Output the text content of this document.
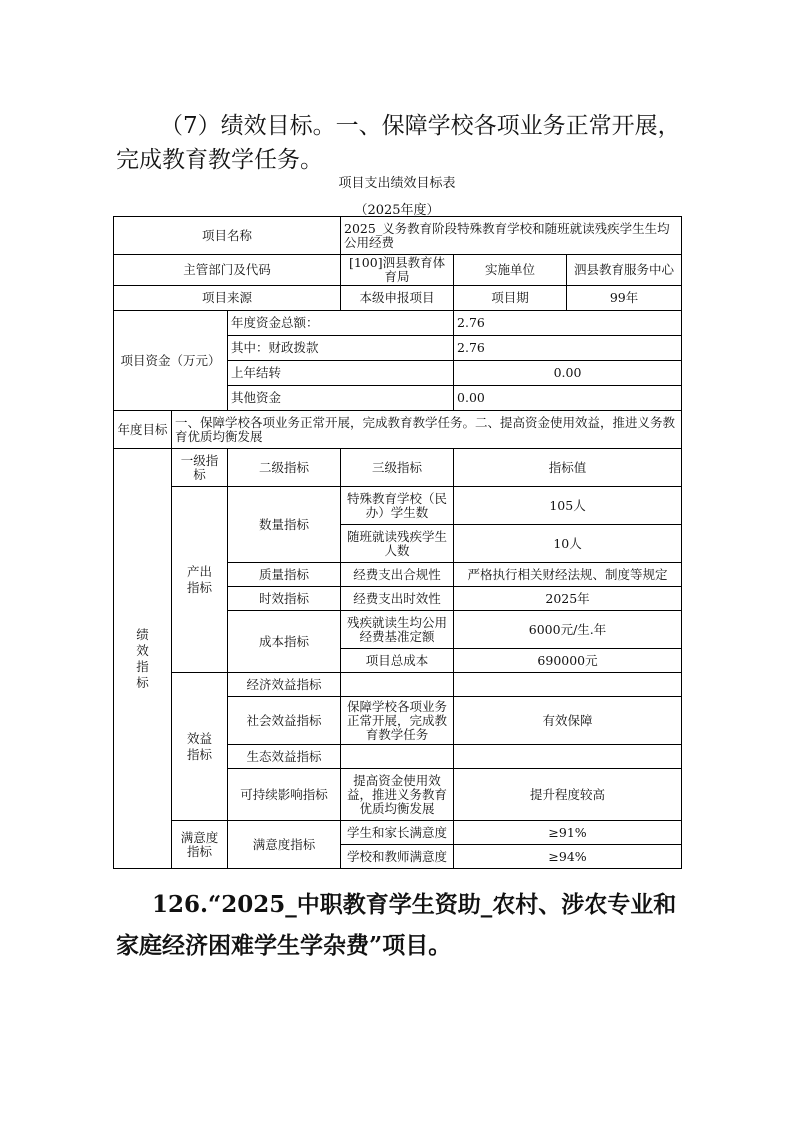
（7）绩效目标。一、保障学校各项业务正常开展，完成教育教学任务。

项目支出绩效目标表
（2025年度）
项目名称			2025_义务教育阶段特殊教育学校和随班就读残疾学生生均公用经费		
主管部门及代码			[100]泗县教育体育局	实施单位	泗县教育服务中心
项目来源			本级申报项目	项目期	99年
项目资金（万元）		年度资金总额：		2.76	
		其中：财政拨款		2.76	
		上年结转		0.00	
		其他资金		0.00	
年度目标	一、保障学校各项业务正常开展，完成教育教学任务。二、提高资金使用效益，推进义务教育优质均衡发展				

绩效指标	一级指标	二级指标	三级指标	指标值	

	产出指标	数量指标	特殊教育学校（民办）学生数	105人	
			随班就读残疾学生人数	10人	
		质量指标	经费支出合规性	严格执行相关财经法规、制度等规定	
		时效指标	经费支出时效性	2025年	
		成本指标	残疾就读生均公用经费基准定额	6000元/生.年	
			项目总成本	690000元	

	效益指标	经济效益指标			
		社会效益指标	保障学校各项业务正常开展，完成教育教学任务	有效保障	

		生态效益指标			
		可持续影响指标	提高资金使用效益，推进义务教育优质均衡发展	提升程度较高	

	满意度指标	满意度指标	学生和家长满意度	≥91%	
			学校和教师满意度	≥94%	

126.“2025_中职教育学生资助_农村、涉农专业和家庭经济困难学生学杂费”项目。
